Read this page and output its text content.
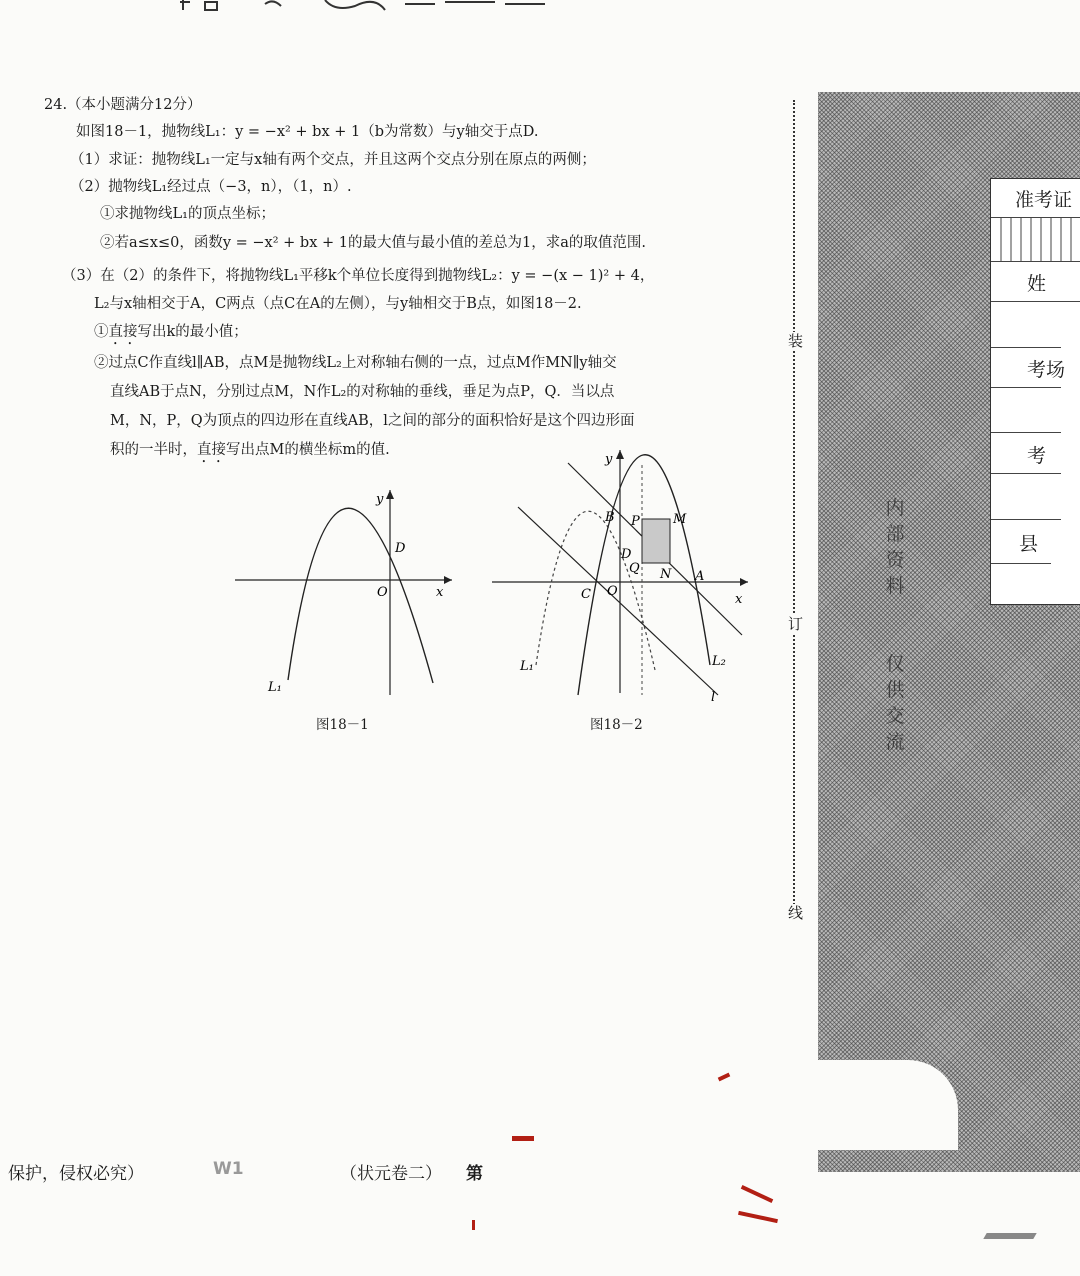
24.（本小题满分12分）
如图18－1，抛物线L₁：y = −x² + bx + 1（b为常数）与y轴交于点D.
（1）求证：抛物线L₁一定与x轴有两个交点，并且这两个交点分别在原点的两侧；
（2）抛物线L₁经过点（−3，n），（1，n）.
①求抛物线L₁的顶点坐标；
②若a≤x≤0，函数y = −x² + bx + 1的最大值与最小值的差总为1，求a的取值范围.
（3）在（2）的条件下，将抛物线L₁平移k个单位长度得到抛物线L₂：y = −(x − 1)² + 4，
L₂与x轴相交于A，C两点（点C在A的左侧），与y轴相交于B点，如图18－2.
①直接写出k的最小值；
②过点C作直线l∥AB，点M是抛物线L₂上对称轴右侧的一点，过点M作MN∥y轴交
直线AB于点N，分别过点M，N作L₂的对称轴的垂线，垂足为点P，Q．当以点
M，N，P，Q为顶点的四边形在直线AB，l之间的部分的面积恰好是这个四边形面
积的一半时，直接写出点M的横坐标m的值.
y
x
D
O
L₁
图18－1
y
x
B P	M
D
Q N A
C O
L₁	L₂
l
图18－2
装
订
线
内
部
资
料

仅
供
交
流
准考证
姓
考场
考
县
保护，侵权必究）	W1	（状元卷二） 第
